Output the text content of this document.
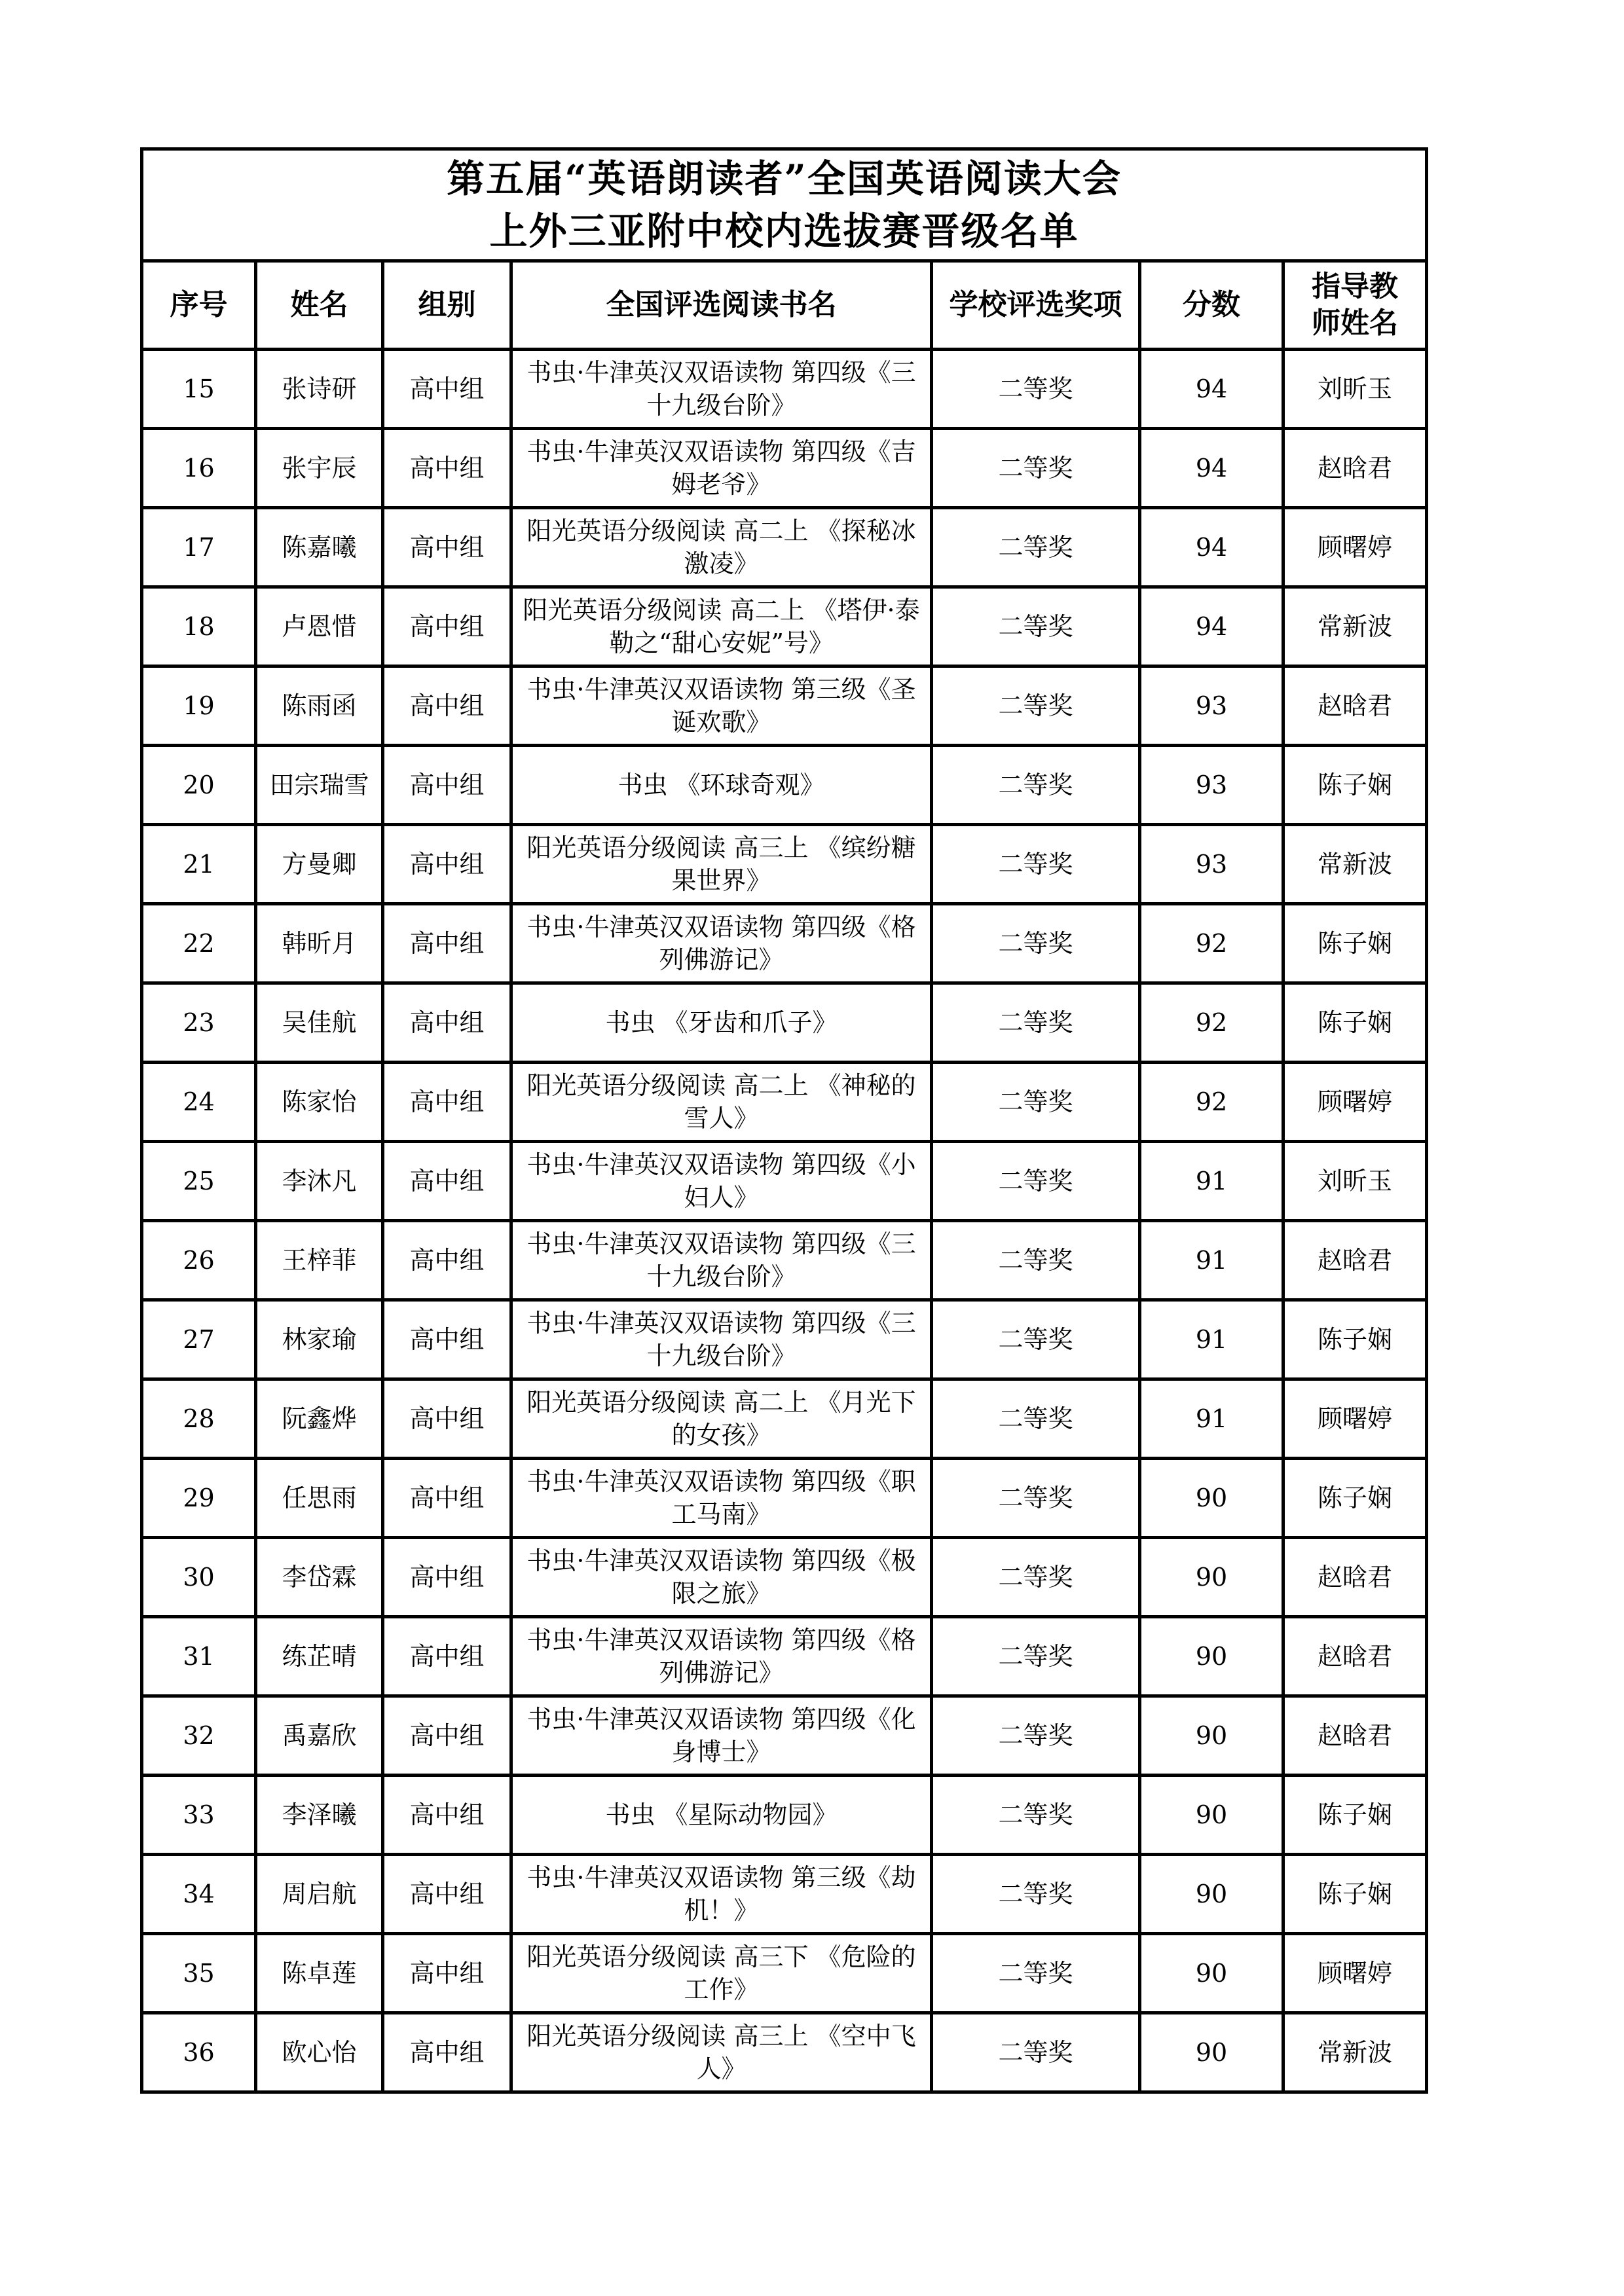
第五届“英语朗读者”全国英语阅读大会
上外三亚附中校内选拔赛晋级名单						

序号	姓名	组别	全国评选阅读书名	学校评选奖项	分数	指导教师姓名
15	张诗研	高中组	书虫·牛津英汉双语读物 第四级《三十九级台阶》	二等奖	94	刘昕玉
16	张宇辰	高中组	书虫·牛津英汉双语读物 第四级《吉姆老爷》	二等奖	94	赵晗君
17	陈嘉曦	高中组	阳光英语分级阅读 高二上 《探秘冰激凌》	二等奖	94	顾曙婷
18	卢恩惜	高中组	阳光英语分级阅读 高二上 《塔伊·泰勒之“甜心安妮”号》	二等奖	94	常新波
19	陈雨函	高中组	书虫·牛津英汉双语读物 第三级《圣诞欢歌》	二等奖	93	赵晗君
20	田宗瑞雪	高中组	书虫 《环球奇观》	二等奖	93	陈子娴
21	方曼卿	高中组	阳光英语分级阅读 高三上 《缤纷糖果世界》	二等奖	93	常新波
22	韩昕月	高中组	书虫·牛津英汉双语读物 第四级《格列佛游记》	二等奖	92	陈子娴
23	吴佳航	高中组	书虫 《牙齿和爪子》	二等奖	92	陈子娴
24	陈家怡	高中组	阳光英语分级阅读 高二上 《神秘的雪人》	二等奖	92	顾曙婷
25	李沐凡	高中组	书虫·牛津英汉双语读物 第四级《小妇人》	二等奖	91	刘昕玉
26	王梓菲	高中组	书虫·牛津英汉双语读物 第四级《三十九级台阶》	二等奖	91	赵晗君
27	林家瑜	高中组	书虫·牛津英汉双语读物 第四级《三十九级台阶》	二等奖	91	陈子娴
28	阮鑫烨	高中组	阳光英语分级阅读 高二上 《月光下的女孩》	二等奖	91	顾曙婷
29	任思雨	高中组	书虫·牛津英汉双语读物 第四级《职工马南》	二等奖	90	陈子娴
30	李岱霖	高中组	书虫·牛津英汉双语读物 第四级《极限之旅》	二等奖	90	赵晗君
31	练芷晴	高中组	书虫·牛津英汉双语读物 第四级《格列佛游记》	二等奖	90	赵晗君
32	禹嘉欣	高中组	书虫·牛津英汉双语读物 第四级《化身博士》	二等奖	90	赵晗君
33	李泽曦	高中组	书虫 《星际动物园》	二等奖	90	陈子娴
34	周启航	高中组	书虫·牛津英汉双语读物 第三级《劫机！》	二等奖	90	陈子娴
35	陈卓莲	高中组	阳光英语分级阅读 高三下 《危险的工作》	二等奖	90	顾曙婷
36	欧心怡	高中组	阳光英语分级阅读 高三上 《空中飞人》	二等奖	90	常新波
